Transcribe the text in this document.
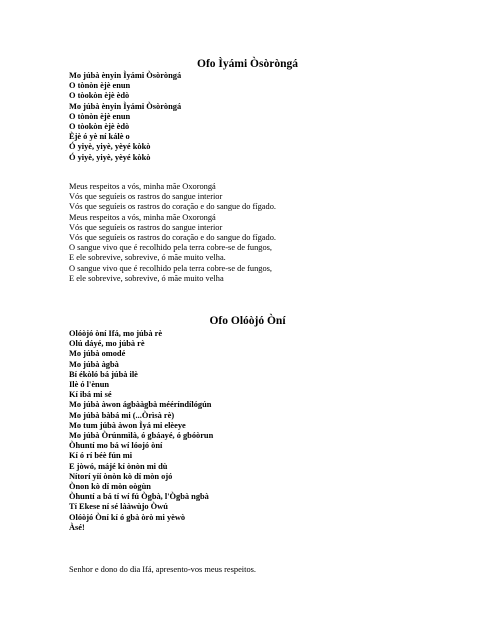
Ofo Ìyámi Òsòròngá
Mo júbà ènyin Ìyámi Òsòròngá
O tònòn èjè enun
O tòokòn èjè èdò
Mo júbà ènyin Ìyámi Òsòròngá
O tònòn èjè enun
O tòokòn èjè èdò
Èjè ó yè ní kálè o
Ó yiyè, yiyè, yèyé kòkò
Ó yiyè, yiyè, yèyé kòkò
Meus respeitos a vós, minha mãe Oxorongá
Vós que seguíeis os rastros do sangue interior
Vós que seguíeis os rastros do coração e do sangue do fígado.
Meus respeitos a vós, minha mãe Oxorongá
Vós que seguíeis os rastros do sangue interior
Vós que seguíeis os rastros do coração e do sangue do fígado.
O sangue vivo que é recolhido pela terra cobre-se de fungos,
E ele sobrevive, sobrevive, ó mãe muito velha.
O sangue vivo que é recolhido pela terra cobre-se de fungos,
E ele sobrevive, sobrevive, ó mãe muito velha
Ofo Olóòjó Òní
Olóòjó òní Ifá, mo júbà rè
Olú dáyé, mo júbà rè
Mo júbà omodé
Mo júbà àgbà
Bí ékòló bá júbà ilè
Ilè ó l'ènun
Kí ibá mi sé
Mo júbà àwon ágbààgbà mééríndílógún
Mo júbà bàbá mi (...Òrìsà rè)
Mo tum júbà àwon Ìyá mi elèeye
Mo júbà Òrúnmìlà, ó gbáayé, ó gbóòrun
Òhuntí mo bá wí lóojó òní
Kí ó rí béè fún mi
E jòwó, májé kí ònòn mi dù
Nítorí yíí ònòn kò dí mòn ojó
Ònon kò dí mòn oògùn
Òhuntí a bá tí wí fú Ògbà, l'Ògbà ngbà
Tí Ekese ní sé lààwùjo Òwú
Olóòjó Òní kí ó gbà òrò mi yèwò
Àsé!
Senhor e dono do dia Ifá, apresento-vos meus respeitos.
